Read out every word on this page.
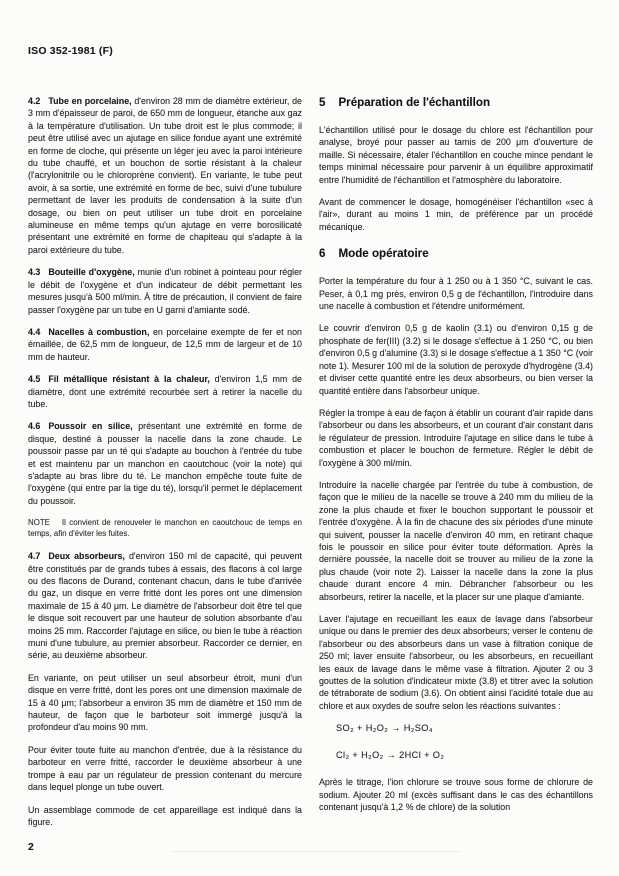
ISO 352-1981 (F)

4.2 Tube en porcelaine, d'environ 28 mm de diamètre extérieur, de 3 mm d'épaisseur de paroi, de 650 mm de longueur, étanche aux gaz à la température d'utilisation. Un tube droit est le plus commode; il peut être utilisé avec un ajutage en silice fondue ayant une extrémité en forme de cloche, qui présente un léger jeu avec la paroi intérieure du tube chauffé, et un bouchon de sortie résistant à la chaleur (l'acrylonitrile ou le chloroprène convient). En variante, le tube peut avoir, à sa sortie, une extrémité en forme de bec, suivi d'une tubulure permettant de laver les produits de condensation à la suite d'un dosage, ou bien on peut utiliser un tube droit en porcelaine alumineuse en même temps qu'un ajutage en verre borosilicaté présentant une extrémité en forme de chapiteau qui s'adapte à la paroi extérieure du tube.

4.3 Bouteille d'oxygène, munie d'un robinet à pointeau pour régler le débit de l'oxygène et d'un indicateur de débit permettant les mesures jusqu'à 500 ml/min. À titre de précaution, il convient de faire passer l'oxygène par un tube en U garni d'amiante sodé.

4.4 Nacelles à combustion, en porcelaine exempte de fer et non émaillée, de 62,5 mm de longueur, de 12,5 mm de largeur et de 10 mm de hauteur.

4.5 Fil métallique résistant à la chaleur, d'environ 1,5 mm de diamètre, dont une extrémité recourbée sert à retirer la nacelle du tube.

4.6 Poussoir en silice, présentant une extrémité en forme de disque, destiné à pousser la nacelle dans la zone chaude. Le poussoir passe par un té qui s'adapte au bouchon à l'entrée du tube et est maintenu par un manchon en caoutchouc (voir la note) qui s'adapte au bras libre du té. Le manchon empêche toute fuite de l'oxygène (qui entre par la tige du té), lorsqu'il permet le déplacement du poussoir.

NOTE Il convient de renouveler le manchon en caoutchouc de temps en temps, afin d'éviter les fuites.

4.7 Deux absorbeurs, d'environ 150 ml de capacité, qui peuvent être constitués par de grands tubes à essais, des flacons à col large ou des flacons de Durand, contenant chacun, dans le tube d'arrivée du gaz, un disque en verre fritté dont les pores ont une dimension maximale de 15 à 40 μm. Le diamètre de l'absorbeur doit être tel que le disque soit recouvert par une hauteur de solution absorbante d'au moins 25 mm. Raccorder l'ajutage en silice, ou bien le tube à réaction muni d'une tubulure, au premier absorbeur. Raccorder ce dernier, en série, au deuxième absorbeur.

En variante, on peut utiliser un seul absorbeur étroit, muni d'un disque en verre fritté, dont les pores ont une dimension maximale de 15 à 40 μm; l'absorbeur a environ 35 mm de diamètre et 150 mm de hauteur, de façon que le barboteur soit immergé jusqu'à la profondeur d'au moins 90 mm.

Pour éviter toute fuite au manchon d'entrée, due à la résistance du barboteur en verre fritté, raccorder le deuxième absorbeur à une trompe à eau par un régulateur de pression contenant du mercure dans lequel plonge un tube ouvert.

Un assemblage commode de cet appareillage est indiqué dans la figure.

5 Préparation de l'échantillon

L'échantillon utilisé pour le dosage du chlore est l'échantillon pour analyse, broyé pour passer au tamis de 200 μm d'ouverture de maille. Si nécessaire, étaler l'échantillon en couche mince pendant le temps minimal nécessaire pour parvenir à un équilibre approximatif entre l'humidité de l'échantillon et l'atmosphère du laboratoire.

Avant de commencer le dosage, homogénéiser l'échantillon «sec à l'air», durant au moins 1 min, de préférence par un procédé mécanique.

6 Mode opératoire

Porter la température du four à 1 250 ou à 1 350 °C, suivant le cas. Peser, à 0,1 mg près, environ 0,5 g de l'échantillon, l'introduire dans une nacelle à combustion et l'étendre uniformément.

Le couvrir d'environ 0,5 g de kaolin (3.1) ou d'environ 0,15 g de phosphate de fer(III) (3.2) si le dosage s'effectue à 1 250 °C, ou bien d'environ 0,5 g d'alumine (3.3) si le dosage s'effectue à 1 350 °C (voir note 1). Mesurer 100 ml de la solution de peroxyde d'hydrogène (3.4) et diviser cette quantité entre les deux absorbeurs, ou bien verser la quantité entière dans l'absorbeur unique.

Régler la trompe à eau de façon à établir un courant d'air rapide dans l'absorbeur ou dans les absorbeurs, et un courant d'air constant dans le régulateur de pression. Introduire l'ajutage en silice dans le tube à combustion et placer le bouchon de fermeture. Régler le débit de l'oxygène à 300 ml/min.

Introduire la nacelle chargée par l'entrée du tube à combustion, de façon que le milieu de la nacelle se trouve à 240 mm du milieu de la zone la plus chaude et fixer le bouchon supportant le poussoir et l'entrée d'oxygène. À la fin de chacune des six périodes d'une minute qui suivent, pousser la nacelle d'environ 40 mm, en retirant chaque fois le poussoir en silice pour éviter toute déformation. Après la dernière poussée, la nacelle doit se trouver au milieu de la zone la plus chaude (voir note 2). Laisser la nacelle dans la zone la plus chaude durant encore 4 min. Débrancher l'absorbeur ou les absorbeurs, retirer la nacelle, et la placer sur une plaque d'amiante.

Laver l'ajutage en recueillant les eaux de lavage dans l'absorbeur unique ou dans le premier des deux absorbeurs; verser le contenu de l'absorbeur ou des absorbeurs dans un vase à filtration conique de 250 ml; laver ensuite l'absorbeur, ou les absorbeurs, en recueillant les eaux de lavage dans le même vase à filtration. Ajouter 2 ou 3 gouttes de la solution d'indicateur mixte (3.8) et titrer avec la solution de tétraborate de sodium (3.6). On obtient ainsi l'acidité totale due au chlore et aux oxydes de soufre selon les réactions suivantes :

SO₂ + H₂O₂ → H₂SO₄
Cl₂ + H₂O₂ → 2HCl + O₂

Après le titrage, l'ion chlorure se trouve sous forme de chlorure de sodium. Ajouter 20 ml (excès suffisant dans le cas des échantillons contenant jusqu'à 1,2 % de chlore) de la solution

2
